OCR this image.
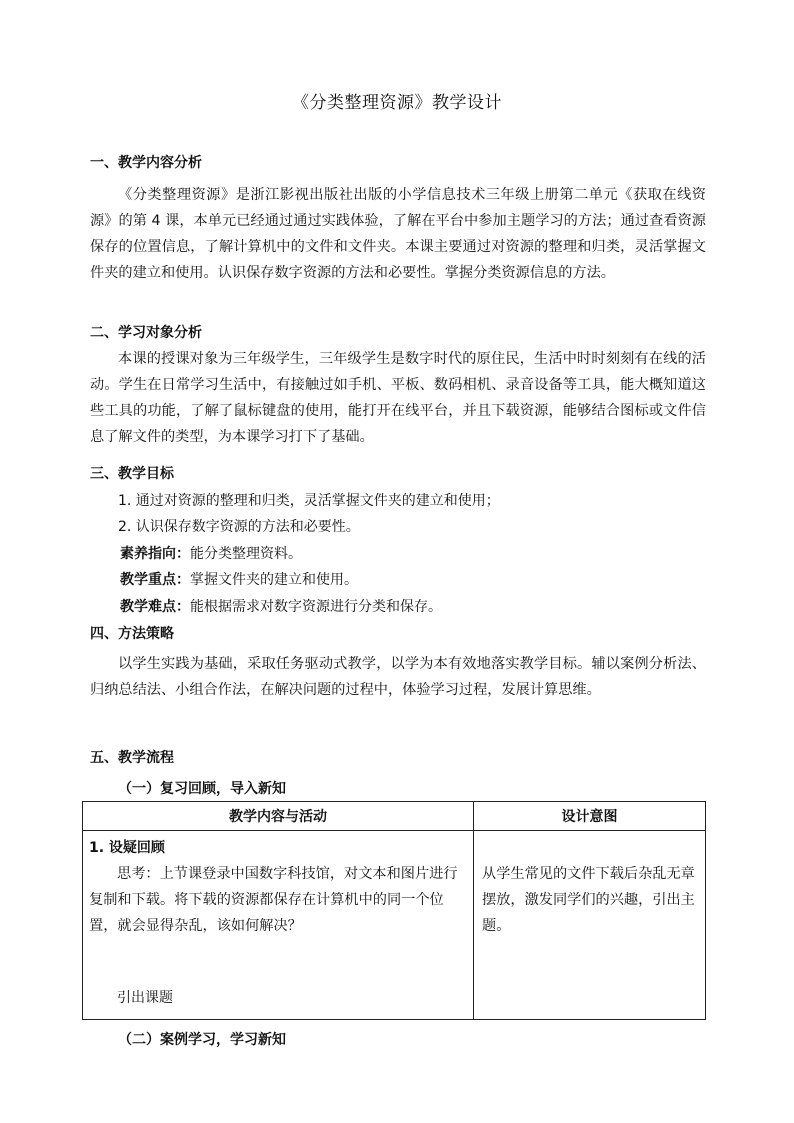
《分类整理资源》教学设计
一、教学内容分析
《分类整理资源》是浙江影视出版社出版的小学信息技术三年级上册第二单元《获取在线资源》的第 4 课，本单元已经通过通过实践体验，了解在平台中参加主题学习的方法；通过查看资源保存的位置信息，了解计算机中的文件和文件夹。本课主要通过对资源的整理和归类，灵活掌握文件夹的建立和使用。认识保存数字资源的方法和必要性。掌握分类资源信息的方法。
二、学习对象分析
本课的授课对象为三年级学生，三年级学生是数字时代的原住民，生活中时时刻刻有在线的活动。学生在日常学习生活中，有接触过如手机、平板、数码相机、录音设备等工具，能大概知道这些工具的功能，了解了鼠标键盘的使用，能打开在线平台，并且下载资源，能够结合图标或文件信息了解文件的类型，为本课学习打下了基础。
三、教学目标
1. 通过对资源的整理和归类，灵活掌握文件夹的建立和使用；
2. 认识保存数字资源的方法和必要性。
素养指向：能分类整理资料。
教学重点：掌握文件夹的建立和使用。
教学难点：能根据需求对数字资源进行分类和保存。
四、方法策略
以学生实践为基础，采取任务驱动式教学，以学为本有效地落实教学目标。辅以案例分析法、归纳总结法、小组合作法，在解决问题的过程中，体验学习过程，发展计算思维。
五、教学流程
（一）复习回顾，导入新知
教学内容与活动	设计意图

1. 设疑回顾
思考：上节课登录中国数字科技馆，对文本和图片进行复制和下载。将下载的资源都保存在计算机中的同一个位置，就会显得杂乱，该如何解决？
引出课题	从学生常见的文件下载后杂乱无章摆放，激发同学们的兴趣，引出主题。
（二）案例学习，学习新知
